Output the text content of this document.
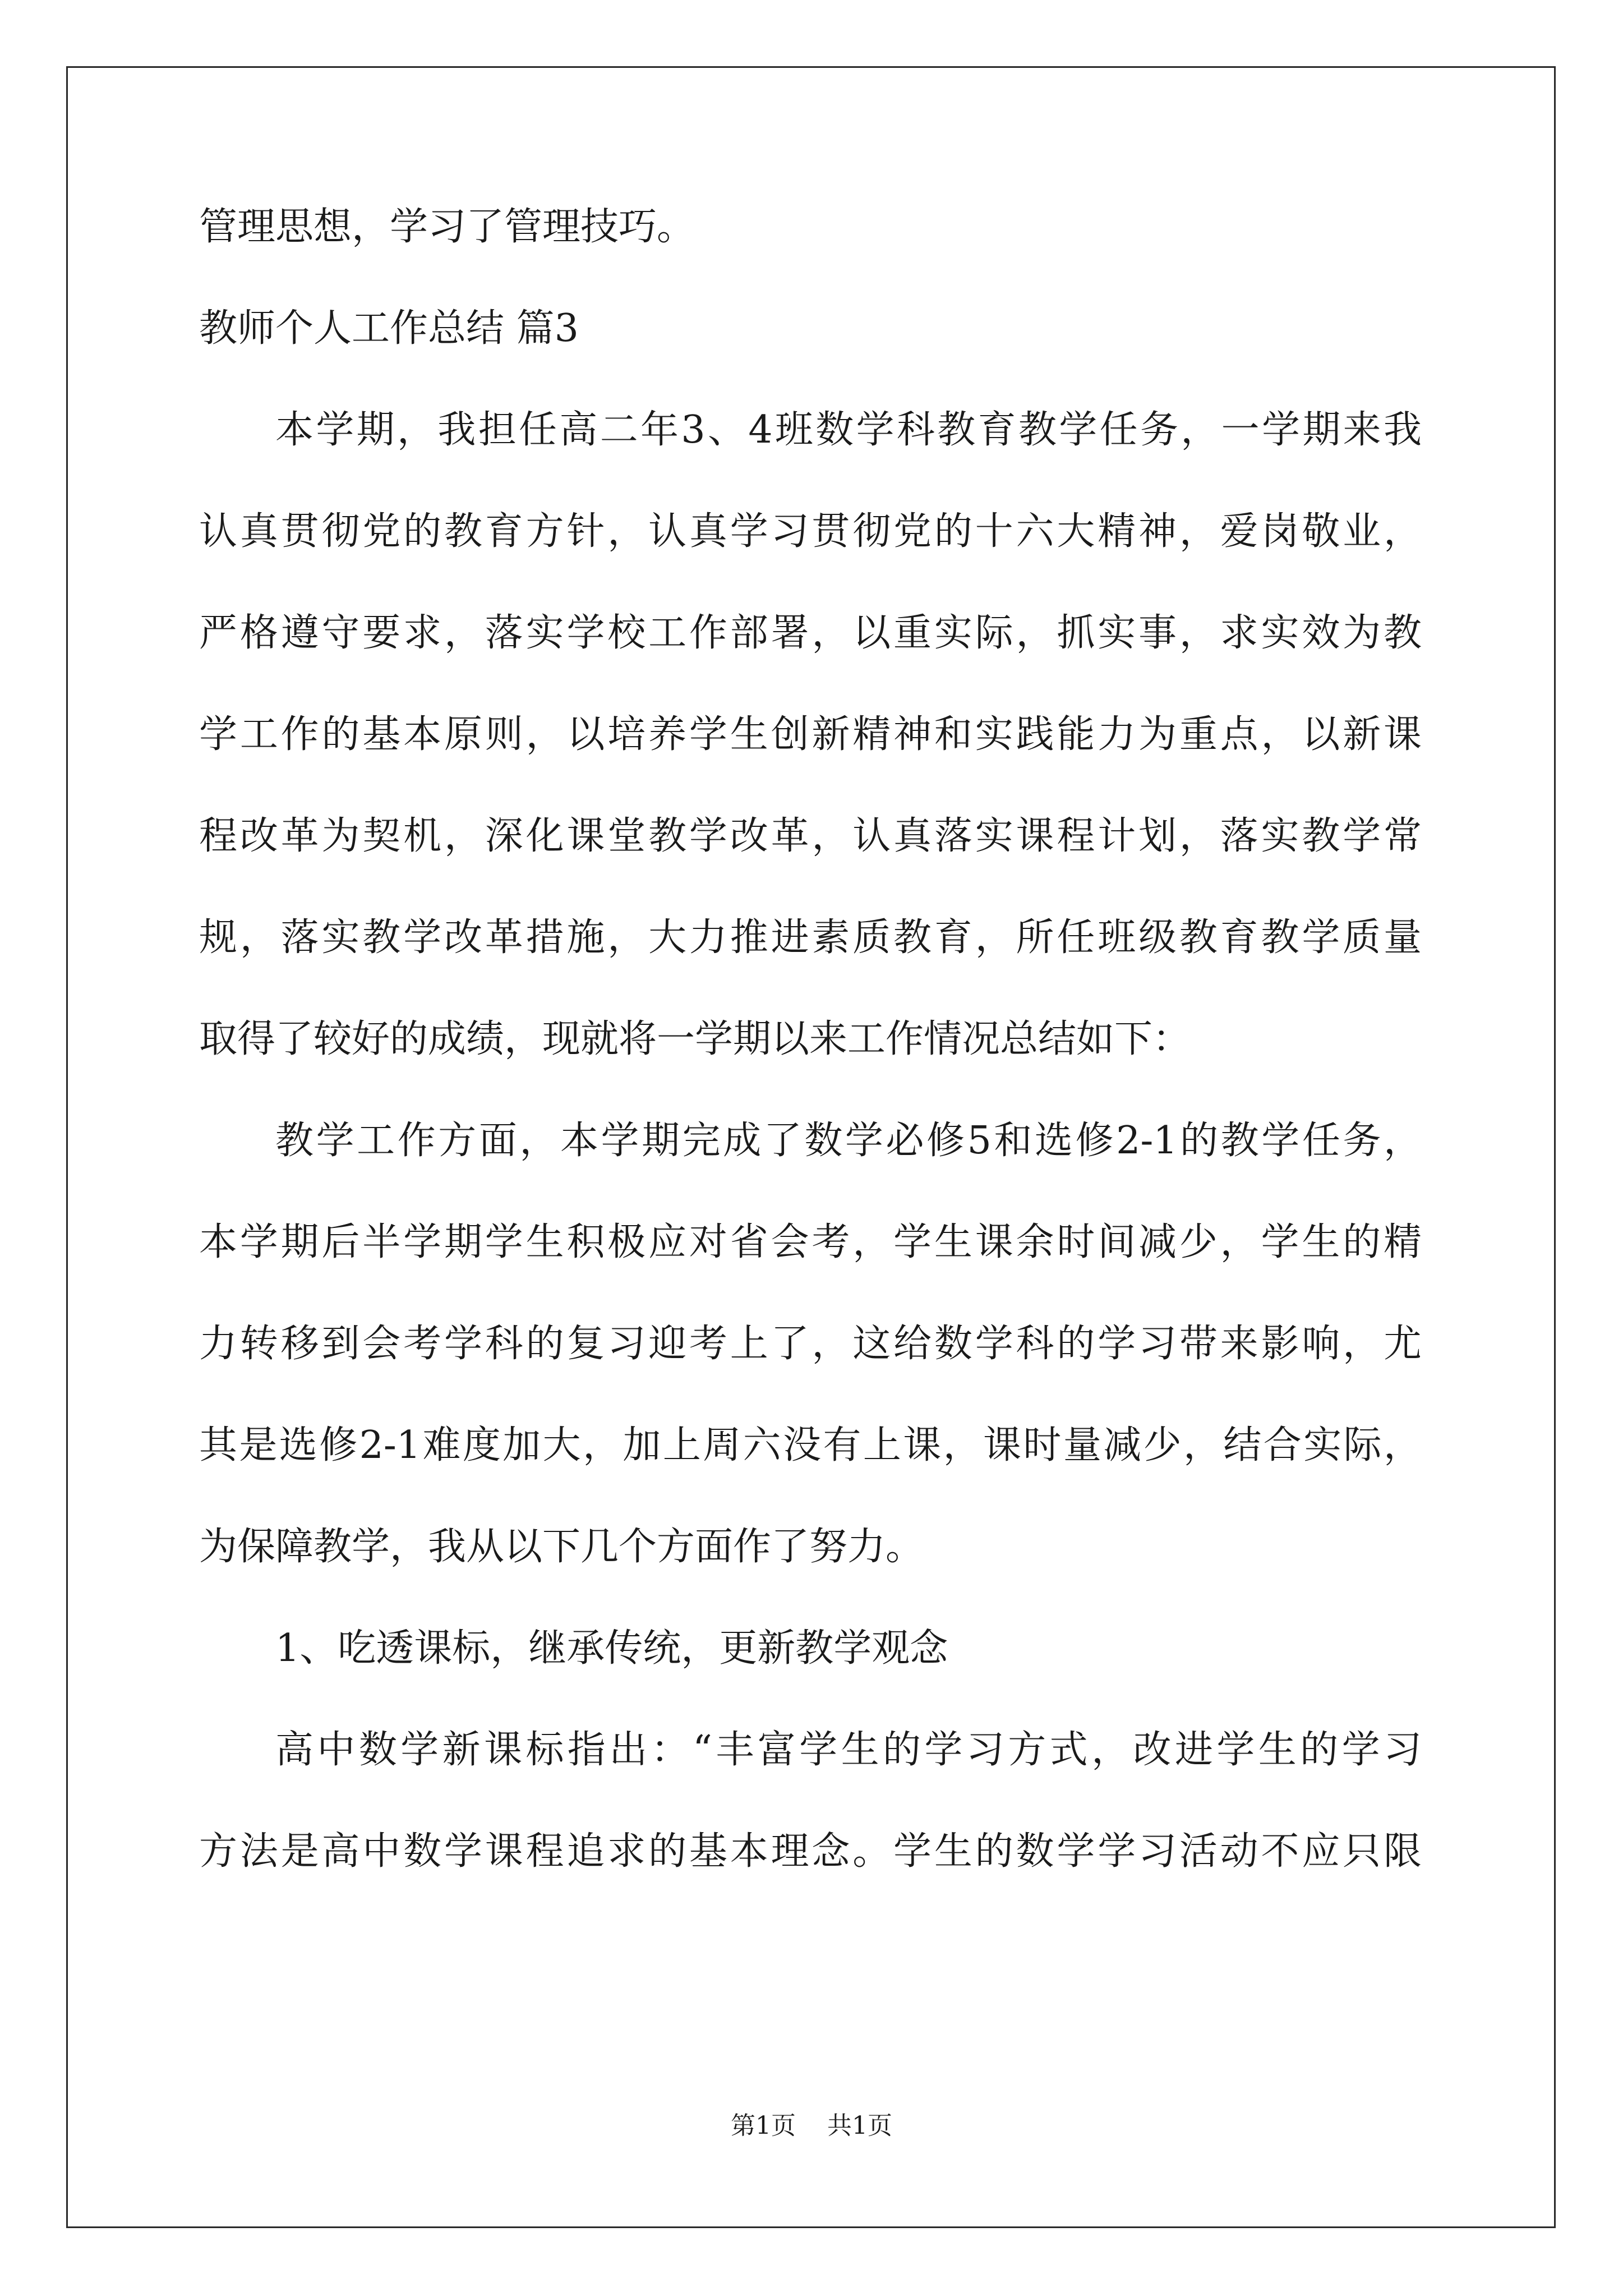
管理思想，学习了管理技巧。

教师个人工作总结 篇3

本学期，我担任高二年3、4班数学科教育教学任务，一学期来我

认真贯彻党的教育方针，认真学习贯彻党的十六大精神，爱岗敬业，

严格遵守要求，落实学校工作部署，以重实际，抓实事，求实效为教

学工作的基本原则，以培养学生创新精神和实践能力为重点，以新课

程改革为契机，深化课堂教学改革，认真落实课程计划，落实教学常

规，落实教学改革措施，大力推进素质教育，所任班级教育教学质量

取得了较好的成绩，现就将一学期以来工作情况总结如下：

教学工作方面，本学期完成了数学必修5和选修2-1的教学任务，

本学期后半学期学生积极应对省会考，学生课余时间减少，学生的精

力转移到会考学科的复习迎考上了，这给数学科的学习带来影响，尤

其是选修2-1难度加大，加上周六没有上课，课时量减少，结合实际，

为保障教学，我从以下几个方面作了努力。

1、吃透课标，继承传统，更新教学观念

高中数学新课标指出：“丰富学生的学习方式，改进学生的学习

方法是高中数学课程追求的基本理念。学生的数学学习活动不应只限

第1页 共1页
